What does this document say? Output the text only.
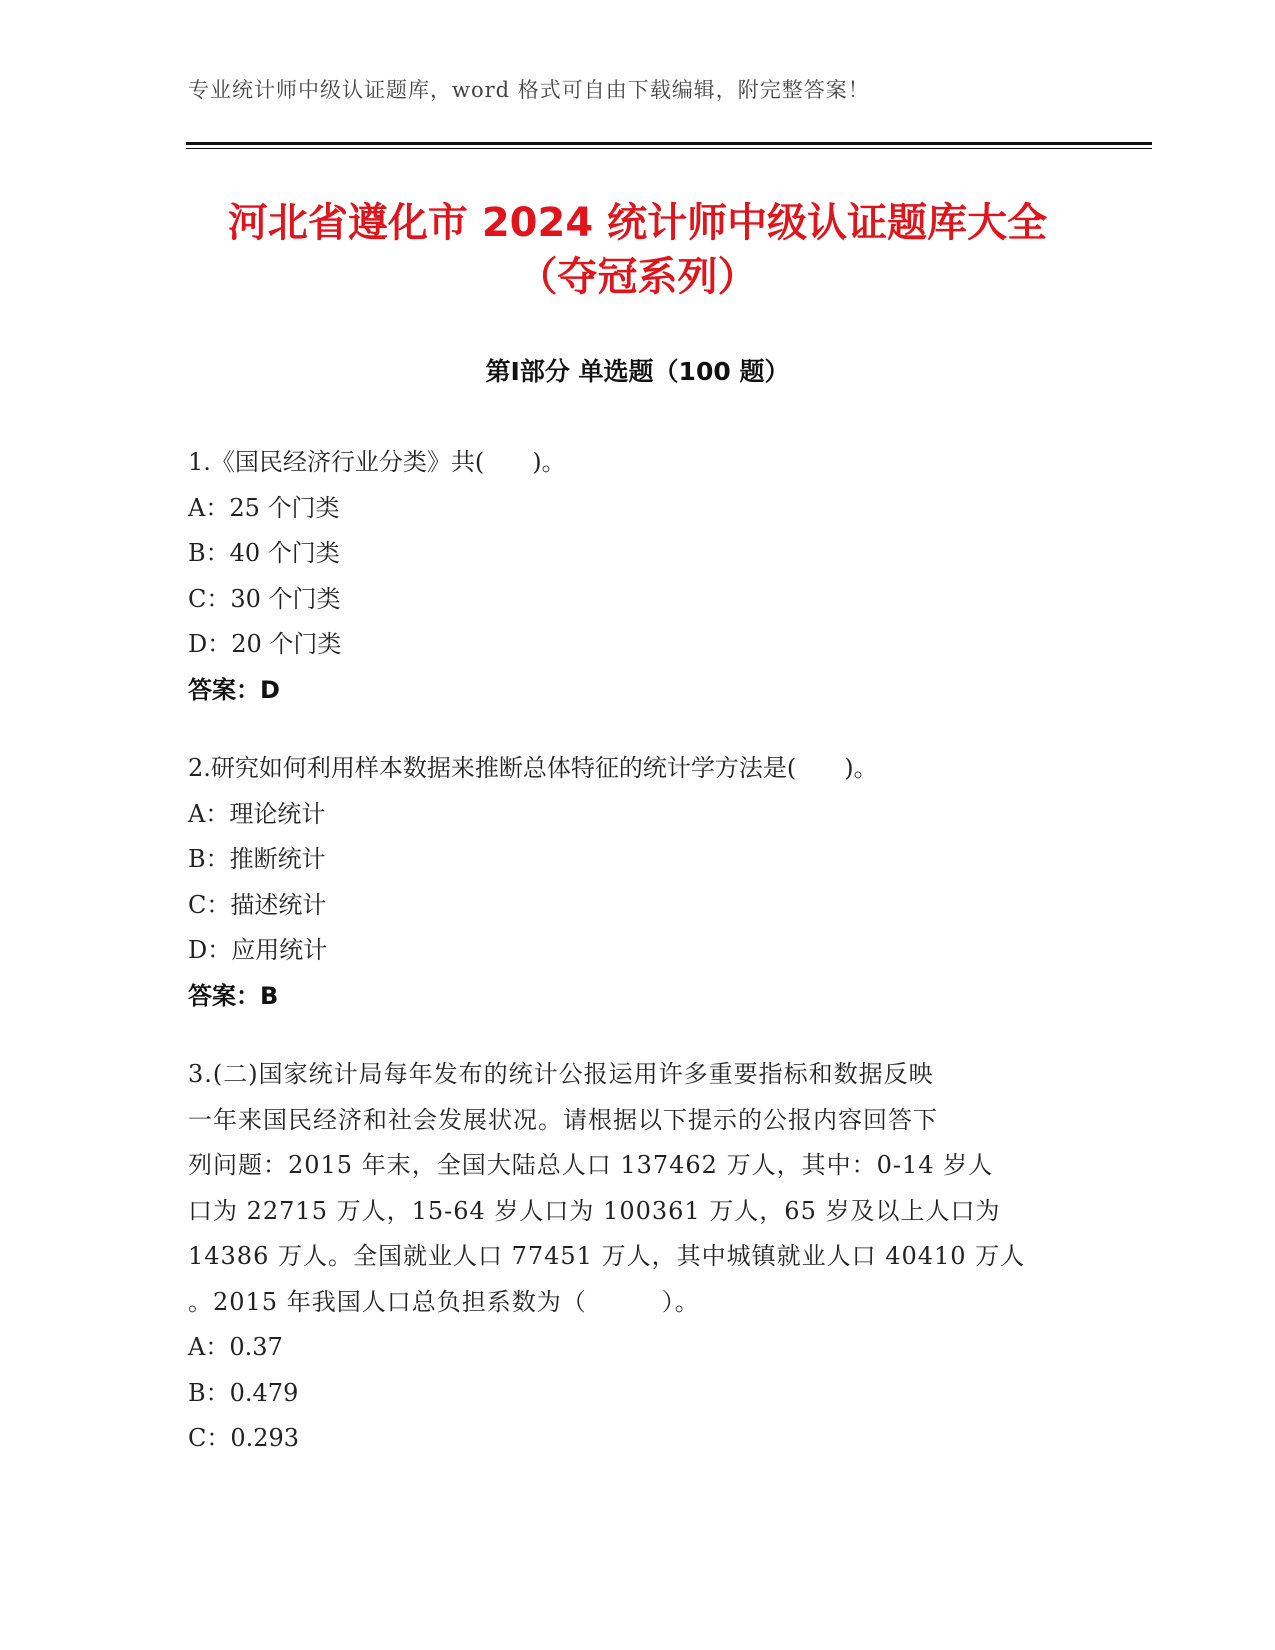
专业统计师中级认证题库，word 格式可自由下载编辑，附完整答案！
河北省遵化市 2024 统计师中级认证题库大全
（夺冠系列）
第Ⅰ部分 单选题（100 题）
1.《国民经济行业分类》共(　　)。
A：25 个门类
B：40 个门类
C：30 个门类
D：20 个门类
答案：D
2.研究如何利用样本数据来推断总体特征的统计学方法是(　　)。
A：理论统计
B：推断统计
C：描述统计
D：应用统计
答案：B
3.(二)国家统计局每年发布的统计公报运用许多重要指标和数据反映
一年来国民经济和社会发展状况。请根据以下提示的公报内容回答下
列问题：2015 年末，全国大陆总人口 137462 万人，其中：0-14 岁人
口为 22715 万人，15-64 岁人口为 100361 万人，65 岁及以上人口为
14386 万人。全国就业人口 77451 万人，其中城镇就业人口 40410 万人
。2015 年我国人口总负担系数为（　　　）。
A：0.37
B：0.479
C：0.293
